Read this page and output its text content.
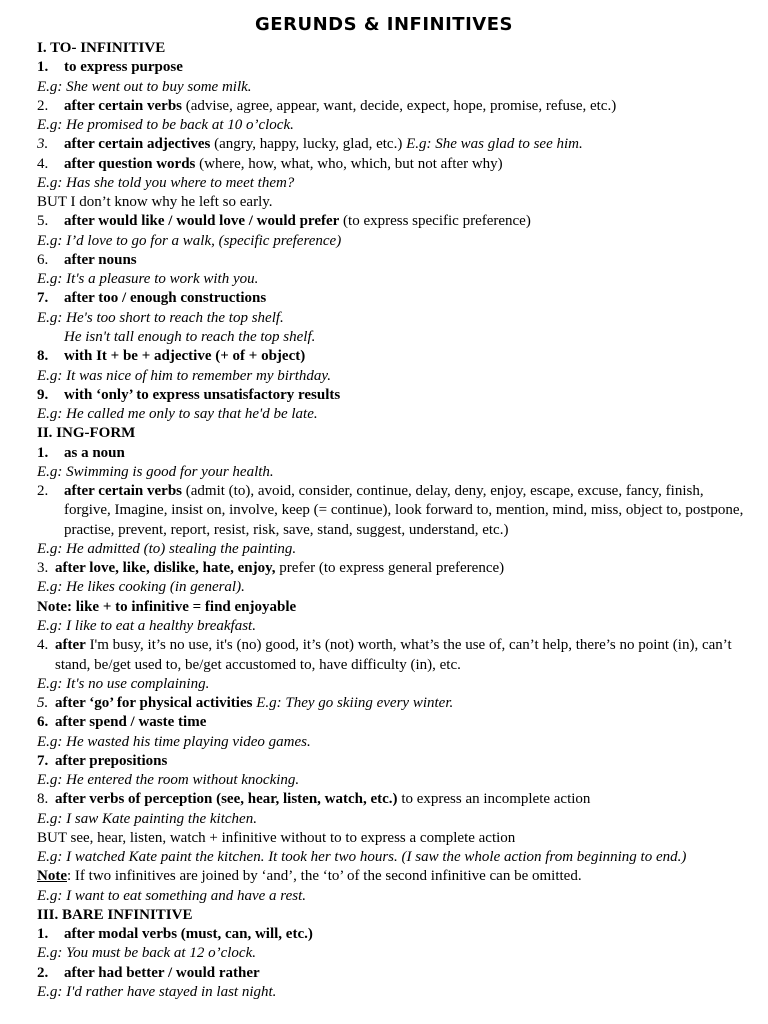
GERUNDS & INFINITIVES
I. TO- INFINITIVE
1. to express purpose
E.g: She went out to buy some milk.
2. after certain verbs (advise, agree, appear, want, decide, expect, hope, promise, refuse, etc.)
E.g: He promised to be back at 10 o’clock.
3. after certain adjectives (angry, happy, lucky, glad, etc.) E.g: She was glad to see him.
4. after question words (where, how, what, who, which, but not after why)
E.g: Has she told you where to meet them?
BUT I don’t know why he left so early.
5. after would like / would love / would prefer (to express specific preference)
E.g: I’d love to go for a walk, (specific preference)
6. after nouns
E.g: It's a pleasure to work with you.
7. after too / enough constructions
E.g: He's too short to reach the top shelf.
He isn't tall enough to reach the top shelf.
8. with It + be + adjective (+ of + object)
E.g: It was nice of him to remember my birthday.
9. with ‘only’ to express unsatisfactory results
E.g: He called me only to say that he'd be late.
II. ING-FORM
1. as a noun
E.g: Swimming is good for your health.
2. after certain verbs (admit (to), avoid, consider, continue, delay, deny, enjoy, escape, excuse, fancy, finish, forgive, Imagine, insist on, involve, keep (= continue), look forward to, mention, mind, miss, object to, postpone, practise, prevent, report, resist, risk, save, stand, suggest, understand, etc.)
E.g: He admitted (to) stealing the painting.
3. after love, like, dislike, hate, enjoy, prefer (to express general preference)
E.g: He likes cooking (in general).
Note: like + to infinitive = find enjoyable
E.g: I like to eat a healthy breakfast.
4. after I'm busy, it’s no use, it's (no) good, it’s (not) worth, what’s the use of, can’t help, there’s no point (in), can’t stand, be/get used to, be/get accustomed to, have difficulty (in), etc.
E.g: It's no use complaining.
5. after ‘go’ for physical activities E.g: They go skiing every winter.
6. after spend / waste time
E.g: He wasted his time playing video games.
7. after prepositions
E.g: He entered the room without knocking.
8. after verbs of perception (see, hear, listen, watch, etc.) to express an incomplete action
E.g: I saw Kate painting the kitchen.
BUT see, hear, listen, watch + infinitive without to to express a complete action
E.g: I watched Kate paint the kitchen. It took her two hours. (I saw the whole action from beginning to end.)
Note: If two infinitives are joined by ‘and’, the ‘to’ of the second infinitive can be omitted.
E.g: I want to eat something and have a rest.
III. BARE INFINITIVE
1. after modal verbs (must, can, will, etc.)
E.g: You must be back at 12 o’clock.
2. after had better / would rather
E.g: I'd rather have stayed in last night.
